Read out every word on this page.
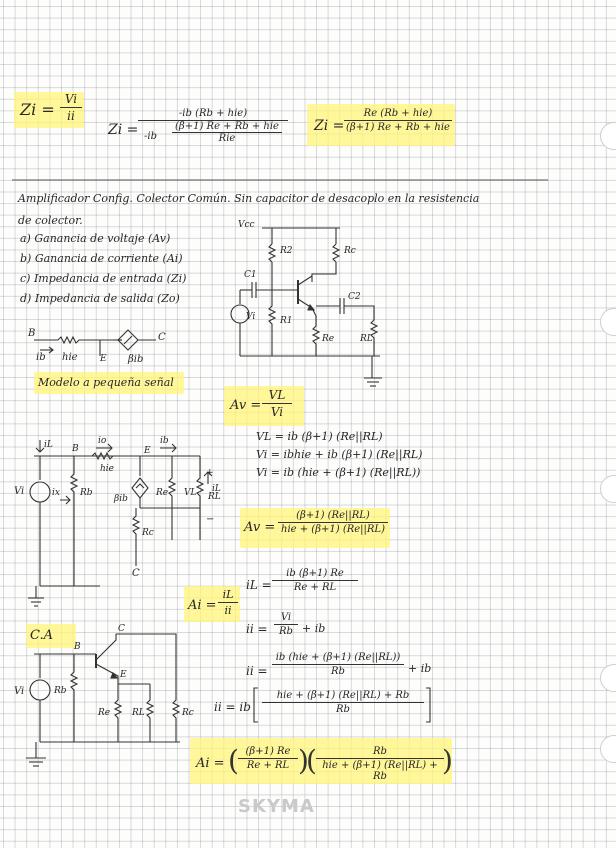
$Zi = \frac{Vi}{ii}$
Zi =
-ib (Rb + hie)
-ib
(β+1) Re + Rb + hie
Rie
Zi =
Re (Rb + hie)
(β+1) Re + Rb + hie
Amplificador Config. Colector Común. Sin capacitor de desacoplo en la resistencia
de colector.
a) Ganancia de voltaje (Av)
b) Ganancia de corriente (Ai)
c) Impedancia de entrada (Zi)
d) Impedancia de salida (Zo)
Vcc
R2	Rc
C1
C2
Vi	R1
Re	RL
B	C
E
ib hie	βib
Modelo a pequeña señal
$Av = \frac{VL}{Vi}$
VL = ib (β+1) (Re||RL)
Vi = ibhie + ib (β+1) (Re||RL)
Vi = ib (hie + (β+1) (Re||RL))
Av =
(β+1) (Re||RL)
hie + (β+1) (Re||RL)
iL B
io
E
ib
Vi	ix Rb
hie
βib
Re
+
iL
VL RL
−
Rc
C
iL = $\frac{ib (\beta+1) Re}{Re + RL}$
$Ai = \frac{iL}{ii}$
ii = $\frac{Vi}{Rb}$ + ib
ii =
ib (hie + (β+1) (Re||RL))
Rb	+ ib
ii = ib
hie + (β+1) (Re||RL) + Rb
Rb
Ai = ( $\frac{(\beta+1) Re}{Re + RL}$ )
(	Rb
hie + (β+1) (Re||RL) + Rb	)
C.A	C
B
E
Vi	Rb
Re RL	Rc
SKYMA
